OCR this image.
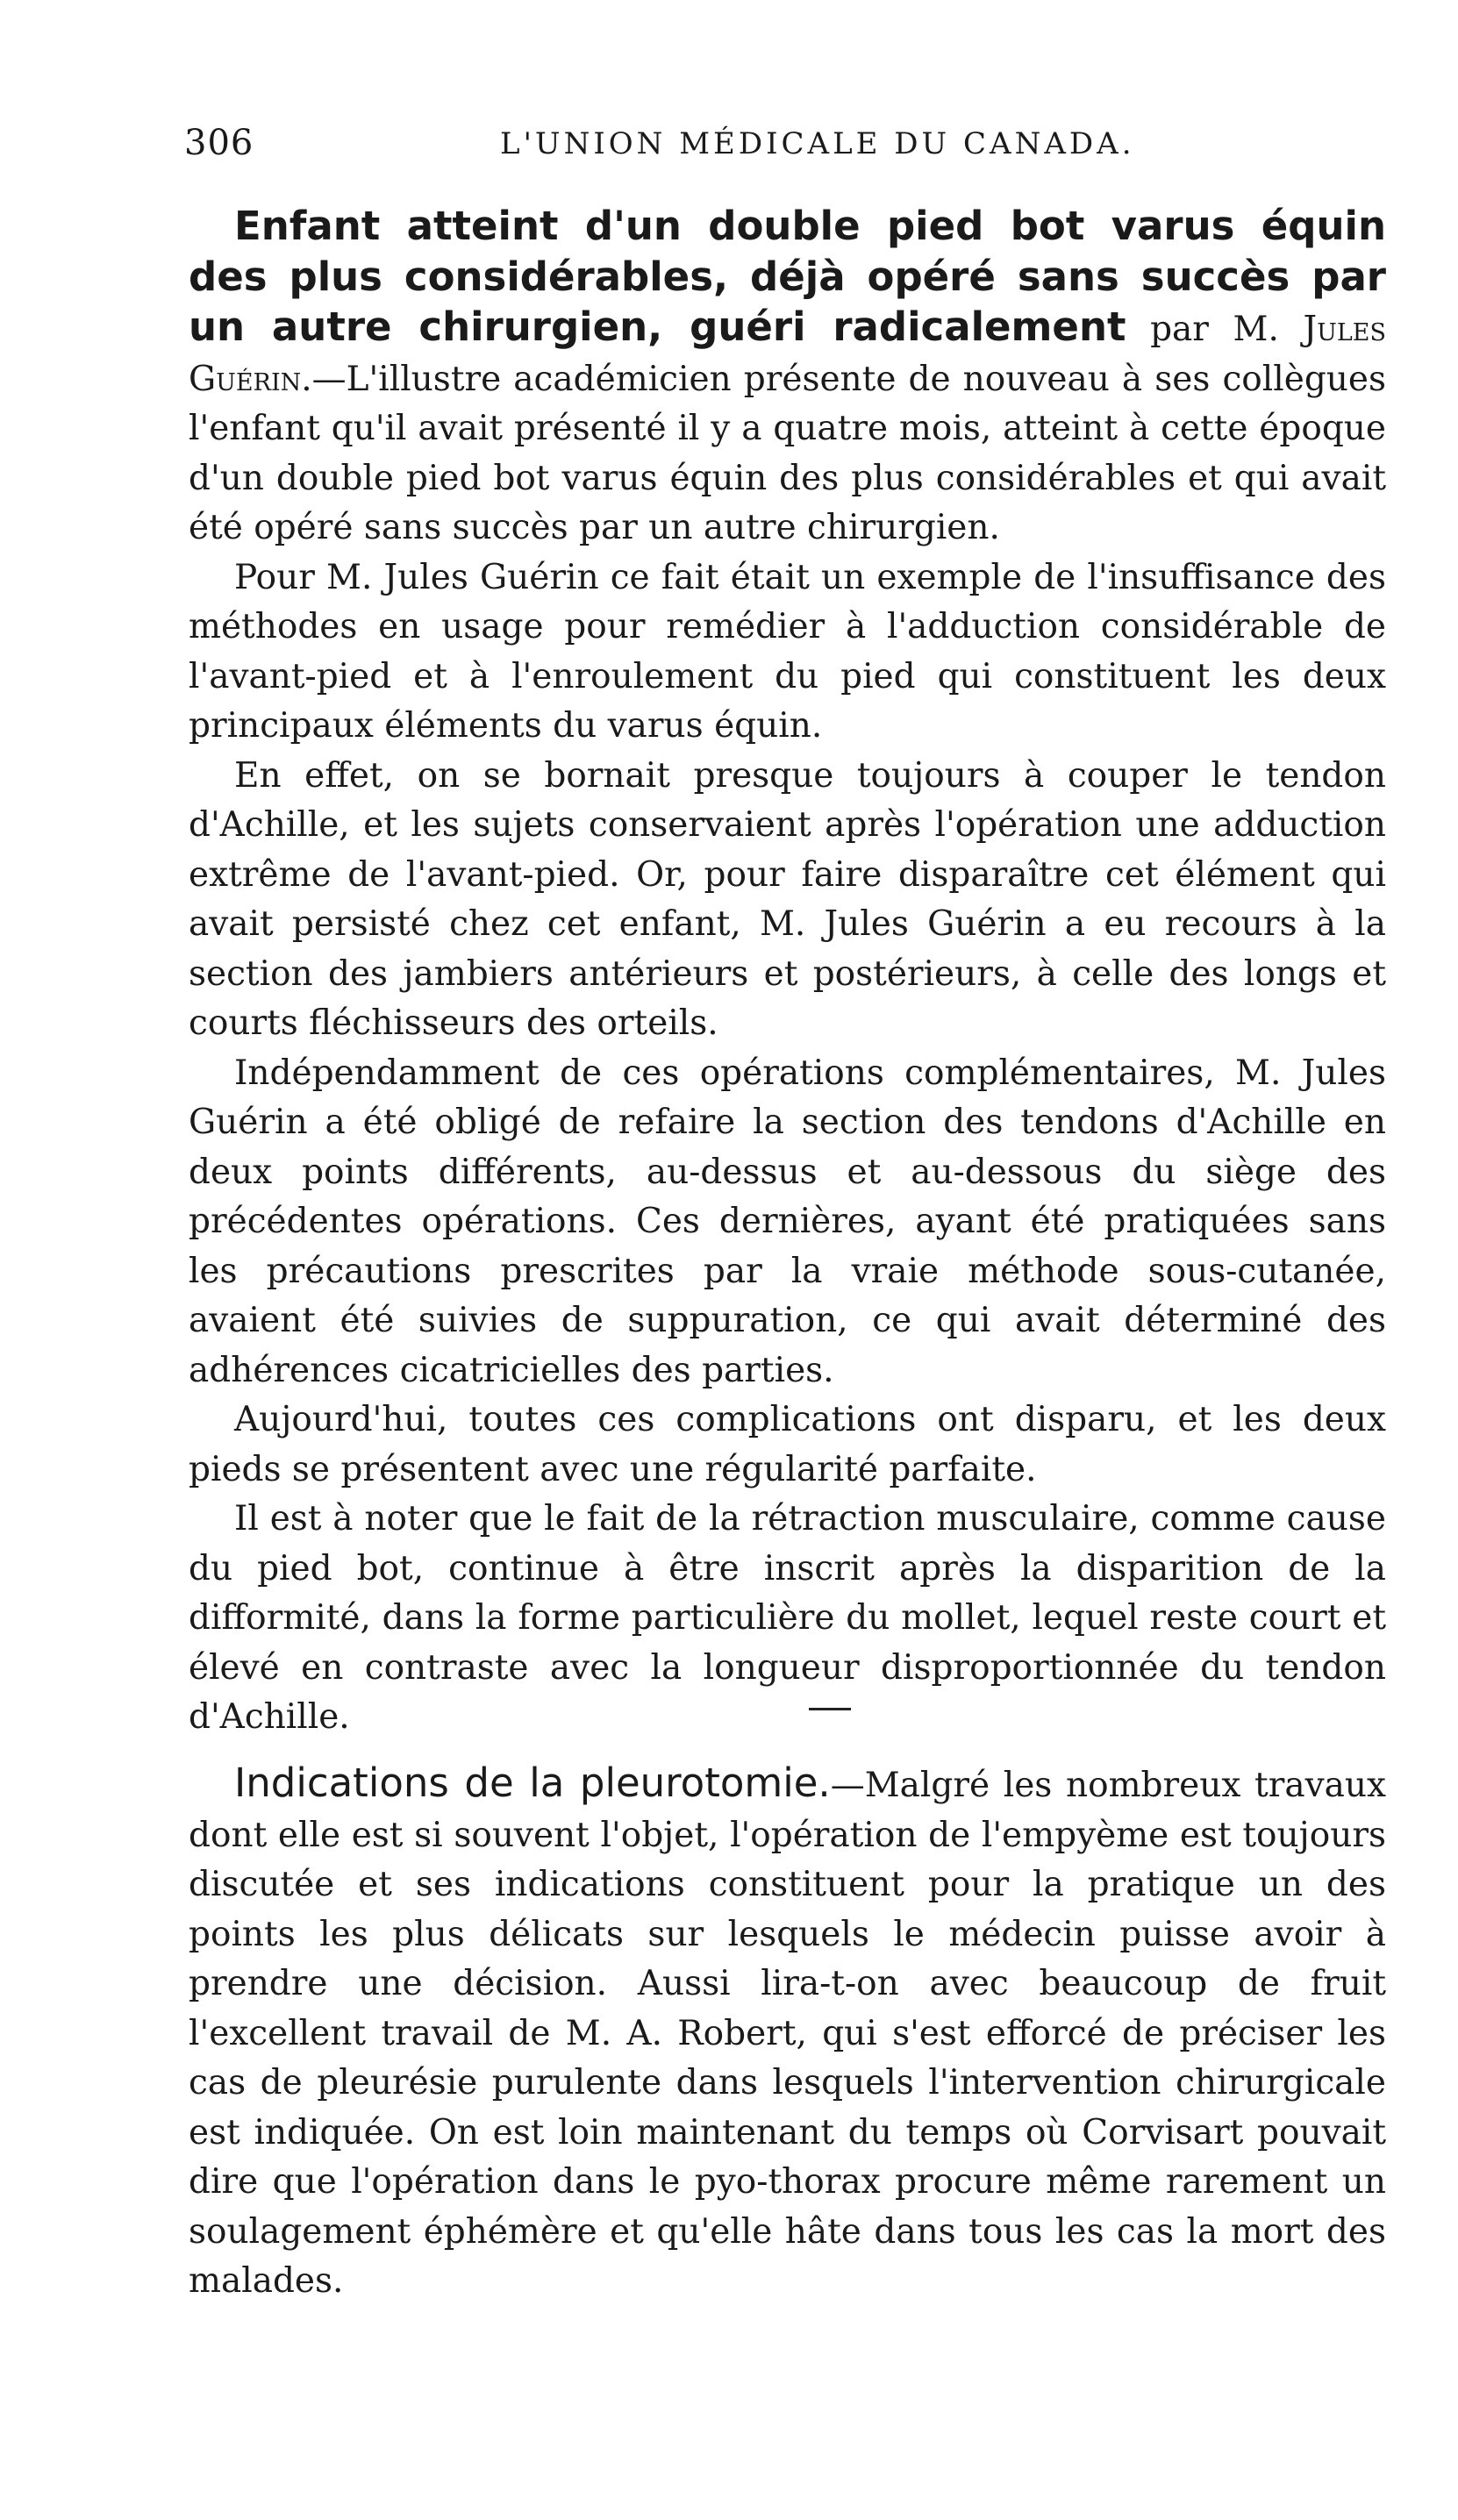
306	L'UNION MÉDICALE DU CANADA.

Enfant atteint d'un double pied bot varus équin des plus considérables, déjà opéré sans succès par un autre chirurgien, guéri radicalement par M. Jules Guérin.—L'illustre académicien présente de nouveau à ses collègues l'enfant qu'il avait présenté il y a quatre mois, atteint à cette époque d'un double pied bot varus équin des plus considérables et qui avait été opéré sans succès par un autre chirurgien.

Pour M. Jules Guérin ce fait était un exemple de l'insuffisance des méthodes en usage pour remédier à l'adduction considérable de l'avant-pied et à l'enroulement du pied qui constituent les deux principaux éléments du varus équin.

En effet, on se bornait presque toujours à couper le tendon d'Achille, et les sujets conservaient après l'opération une adduction extrême de l'avant-pied. Or, pour faire disparaître cet élément qui avait persisté chez cet enfant, M. Jules Guérin a eu recours à la section des jambiers antérieurs et postérieurs, à celle des longs et courts fléchisseurs des orteils.

Indépendamment de ces opérations complémentaires, M. Jules Guérin a été obligé de refaire la section des tendons d'Achille en deux points différents, au-dessus et au-dessous du siège des précédentes opérations. Ces dernières, ayant été pratiquées sans les précautions prescrites par la vraie méthode sous-cutanée, avaient été suivies de suppuration, ce qui avait déterminé des adhérences cicatricielles des parties.

Aujourd'hui, toutes ces complications ont disparu, et les deux pieds se présentent avec une régularité parfaite.

Il est à noter que le fait de la rétraction musculaire, comme cause du pied bot, continue à être inscrit après la disparition de la difformité, dans la forme particulière du mollet, lequel reste court et élevé en contraste avec la longueur disproportionnée du tendon d'Achille.

Indications de la pleurotomie.—Malgré les nombreux travaux dont elle est si souvent l'objet, l'opération de l'empyème est toujours discutée et ses indications constituent pour la pratique un des points les plus délicats sur lesquels le médecin puisse avoir à prendre une décision. Aussi lira-t-on avec beaucoup de fruit l'excellent travail de M. A. Robert, qui s'est efforcé de préciser les cas de pleurésie purulente dans lesquels l'intervention chirurgicale est indiquée. On est loin maintenant du temps où Corvisart pouvait dire que l'opération dans le pyo-thorax procure même rarement un soulagement éphémère et qu'elle hâte dans tous les cas la mort des malades.
